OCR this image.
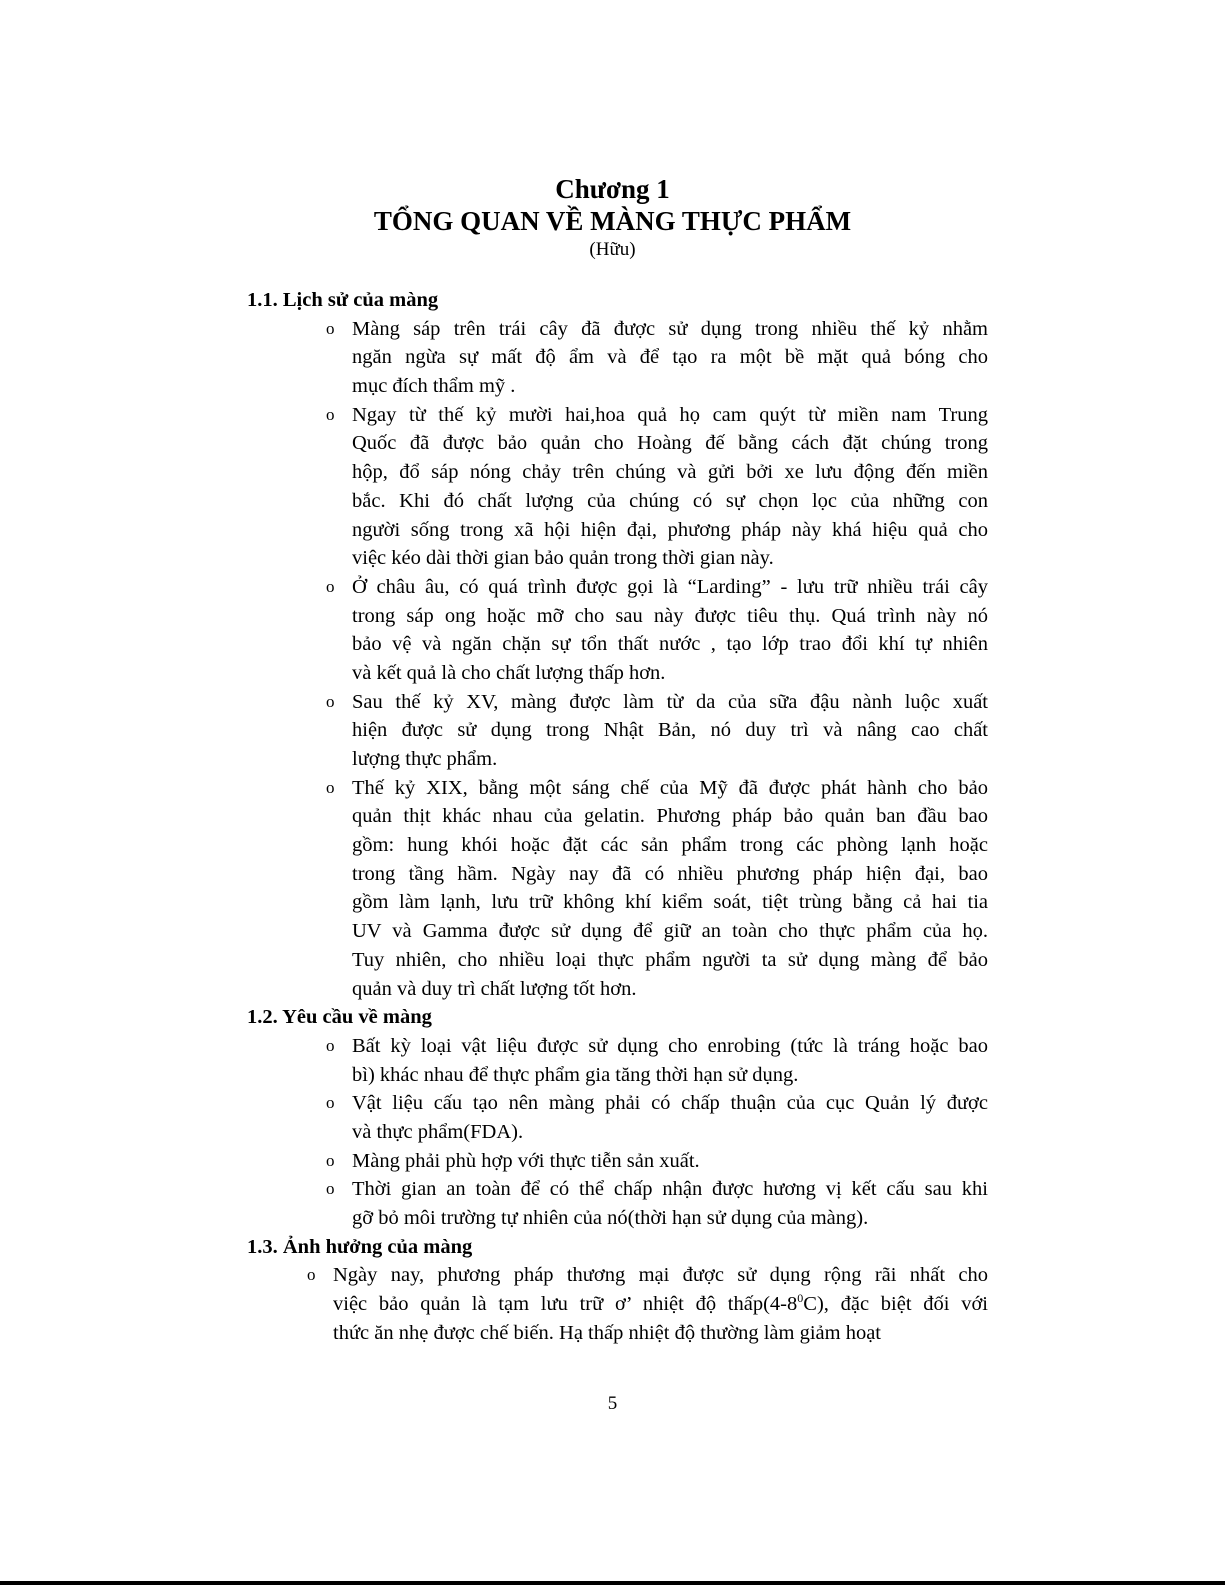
Chương 1
TỔNG QUAN VỀ MÀNG THỰC PHẨM
(Hữu)
1.1. Lịch sử của màng
o Màng sáp trên trái cây đã được sử dụng trong nhiều thế kỷ nhằm
ngăn ngừa sự mất độ ẩm và để tạo ra một bề mặt quả bóng cho
mục đích thẩm mỹ .
o Ngay từ thế kỷ mười hai,hoa quả họ cam quýt từ miền nam Trung
Quốc đã được bảo quản cho Hoàng đế bằng cách đặt chúng trong
hộp, đổ sáp nóng chảy trên chúng và gửi bởi xe lưu động đến miền
bắc. Khi đó chất lượng của chúng có sự chọn lọc của những con
người sống trong xã hội hiện đại, phương pháp này khá hiệu quả cho
việc kéo dài thời gian bảo quản trong thời gian này.
o Ở châu âu, có quá trình được gọi là “Larding” - lưu trữ nhiều trái cây
trong sáp ong hoặc mỡ cho sau này được tiêu thụ. Quá trình này nó
bảo vệ và ngăn chặn sự tổn thất nước , tạo lớp trao đổi khí tự nhiên
và kết quả là cho chất lượng thấp hơn.
o Sau thế kỷ XV, màng được làm từ da của sữa đậu nành luộc xuất
hiện được sử dụng trong Nhật Bản, nó duy trì và nâng cao chất
lượng thực phẩm.
o Thế kỷ XIX, bằng một sáng chế của Mỹ đã được phát hành cho bảo
quản thịt khác nhau của gelatin. Phương pháp bảo quản ban đầu bao
gồm: hung khói hoặc đặt các sản phẩm trong các phòng lạnh hoặc
trong tầng hầm. Ngày nay đã có nhiều phương pháp hiện đại, bao
gồm làm lạnh, lưu trữ không khí kiểm soát, tiệt trùng bằng cả hai tia
UV và Gamma được sử dụng để giữ an toàn cho thực phẩm của họ.
Tuy nhiên, cho nhiều loại thực phẩm người ta sử dụng màng để bảo
quản và duy trì chất lượng tốt hơn.
1.2. Yêu cầu về màng
o Bất kỳ loại vật liệu được sử dụng cho enrobing (tức là tráng hoặc bao
bì) khác nhau để thực phẩm gia tăng thời hạn sử dụng.
o Vật liệu cấu tạo nên màng phải có chấp thuận của cục Quản lý được
và thực phẩm(FDA).
o Màng phải phù hợp với thực tiễn sản xuất.
o Thời gian an toàn để có thể chấp nhận được hương vị kết cấu sau khi
gỡ bỏ môi trường tự nhiên của nó(thời hạn sử dụng của màng).
1.3. Ảnh hưởng của màng
o Ngày nay, phương pháp thương mại được sử dụng rộng rãi nhất cho
việc bảo quản là tạm lưu trữ ơ’ nhiệt độ $thấp(4-8^0C)$, đặc biệt đối với
thức ăn nhẹ được chế biến. Hạ thấp nhiệt độ thường làm giảm hoạt
5
